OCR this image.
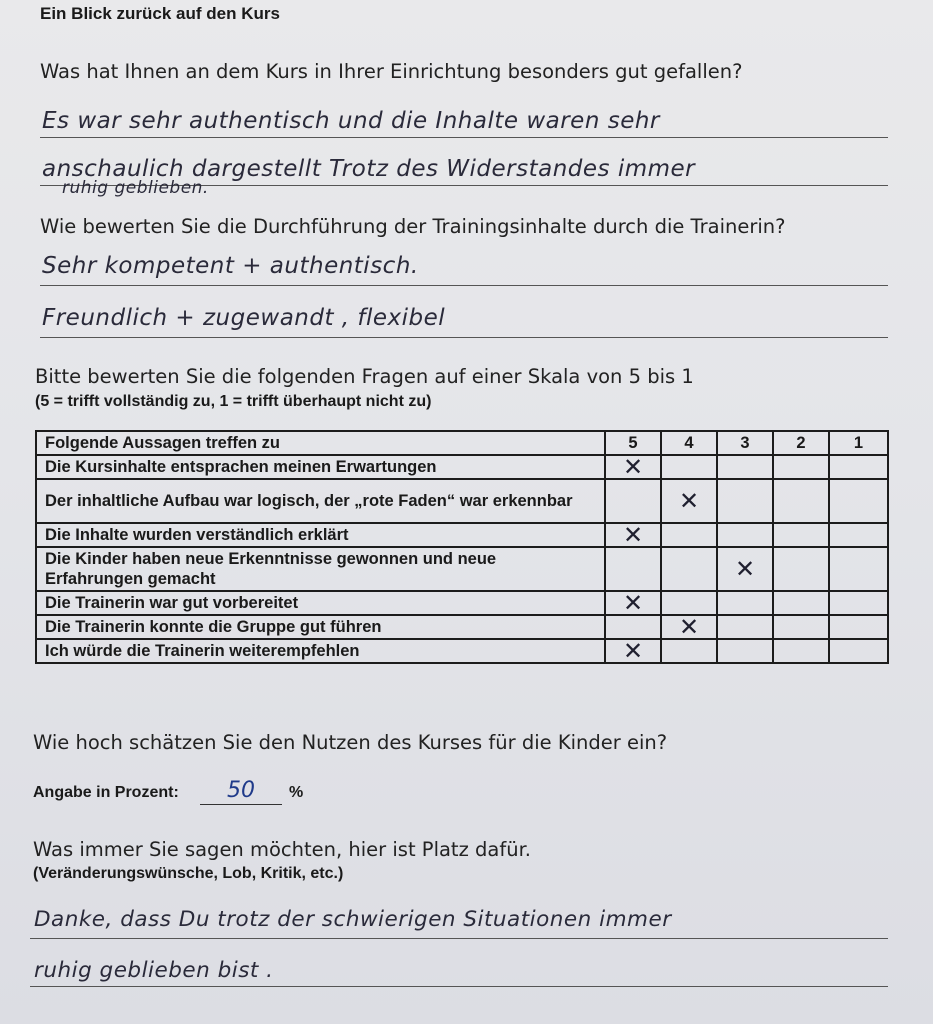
Ein Blick zurück auf den Kurs
Was hat Ihnen an dem Kurs in Ihrer Einrichtung besonders gut gefallen?
Es war sehr authentisch und die Inhalte waren sehr
anschaulich dargestellt Trotz des Widerstandes immer
ruhig geblieben.
Wie bewerten Sie die Durchführung der Trainingsinhalte durch die Trainerin?
Sehr kompetent + authentisch.
Freundlich + zugewandt , flexibel
Bitte bewerten Sie die folgenden Fragen auf einer Skala von 5 bis 1
(5 = trifft vollständig zu, 1 = trifft überhaupt nicht zu)
Folgende Aussagen treffen zu	5	4	3	2	1
Die Kursinhalte entsprachen meinen Erwartungen	✕				
Der inhaltliche Aufbau war logisch, der „rote Faden“ war erkennbar		✕			
Die Inhalte wurden verständlich erklärt	✕				
Die Kinder haben neue Erkenntnisse gewonnen und neue Erfahrungen gemacht			✕		
Die Trainerin war gut vorbereitet	✕				
Die Trainerin konnte die Gruppe gut führen		✕			
Ich würde die Trainerin weiterempfehlen	✕				
Wie hoch schätzen Sie den Nutzen des Kurses für die Kinder ein?
Angabe in Prozent:	50	%
Was immer Sie sagen möchten, hier ist Platz dafür.
(Veränderungswünsche, Lob, Kritik, etc.)
Danke, dass Du trotz der schwierigen Situationen immer
ruhig geblieben bist .
